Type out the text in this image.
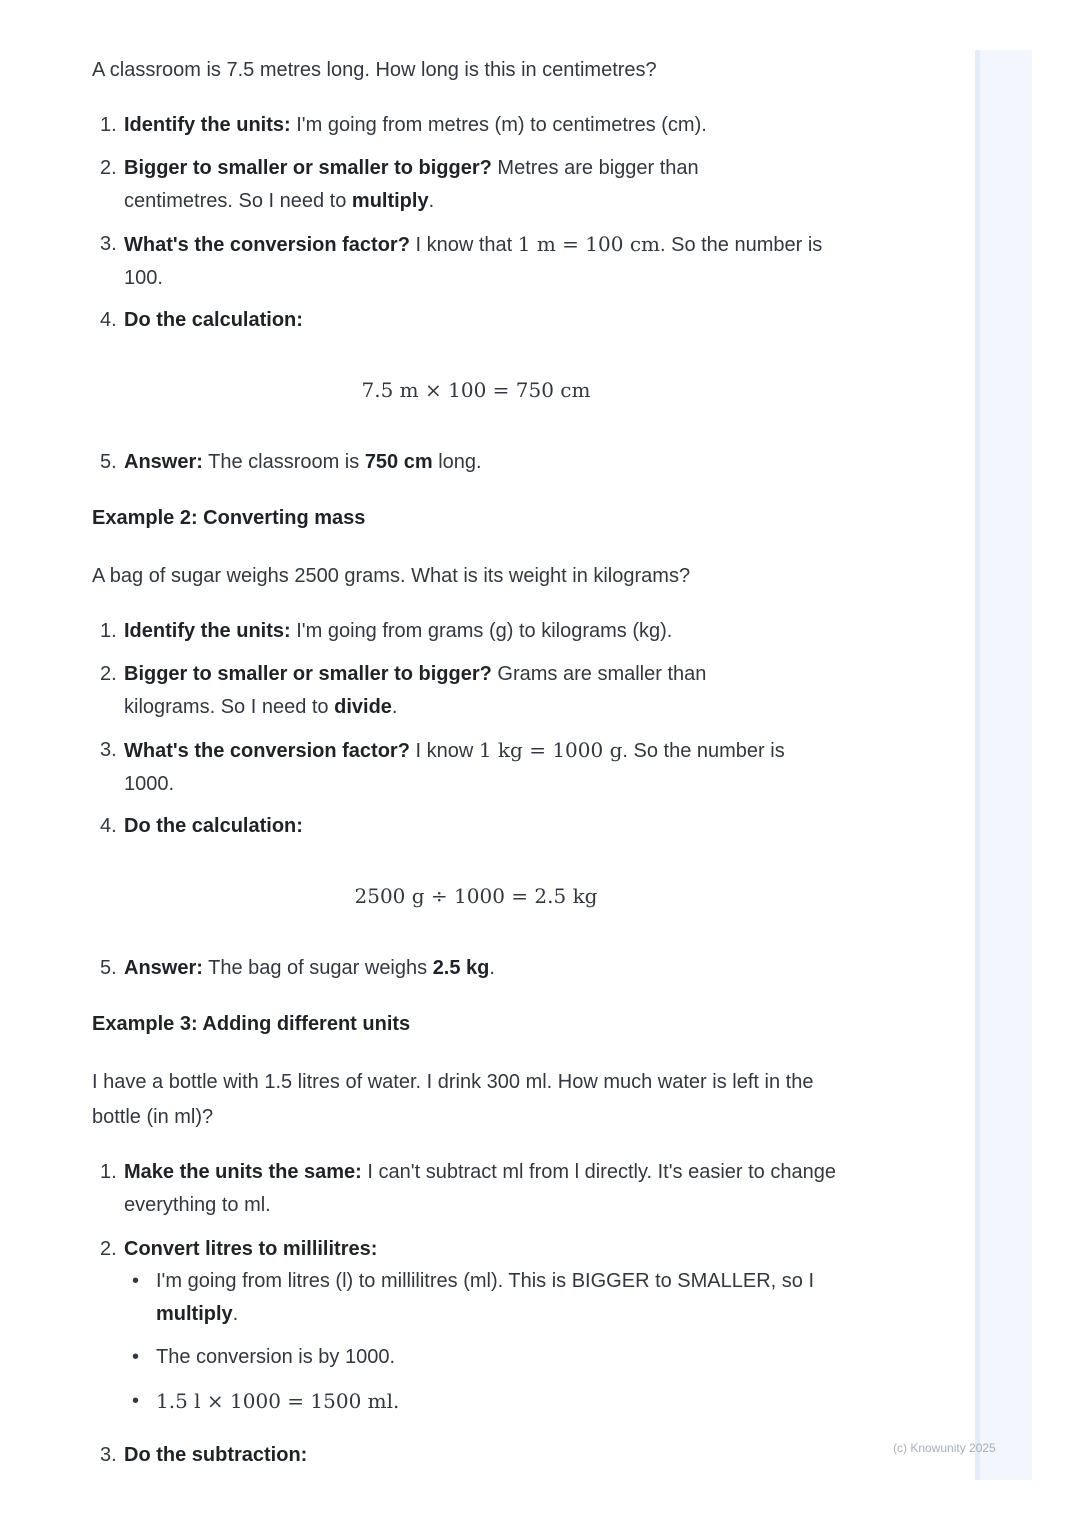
A classroom is 7.5 metres long. How long is this in centimetres?
1. Identify the units: I'm going from metres (m) to centimetres (cm).
2. Bigger to smaller or smaller to bigger? Metres are bigger than centimetres. So I need to multiply.
3. What's the conversion factor? I know that 1 m = 100 cm. So the number is 100.
4. Do the calculation:
7.5 m × 100 = 750 cm
5. Answer: The classroom is 750 cm long.
Example 2: Converting mass
A bag of sugar weighs 2500 grams. What is its weight in kilograms?
1. Identify the units: I'm going from grams (g) to kilograms (kg).
2. Bigger to smaller or smaller to bigger? Grams are smaller than kilograms. So I need to divide.
3. What's the conversion factor? I know 1 kg = 1000 g. So the number is 1000.
4. Do the calculation:
2500 g ÷ 1000 = 2.5 kg
5. Answer: The bag of sugar weighs 2.5 kg.
Example 3: Adding different units
I have a bottle with 1.5 litres of water. I drink 300 ml. How much water is left in the bottle (in ml)?
1. Make the units the same: I can't subtract ml from l directly. It's easier to change everything to ml.
2. Convert litres to millilitres:
• I'm going from litres (l) to millilitres (ml). This is BIGGER to SMALLER, so I multiply.
• The conversion is by 1000.
• 1.5 l × 1000 = 1500 ml.
3. Do the subtraction:	(c) Knowunity 2025
